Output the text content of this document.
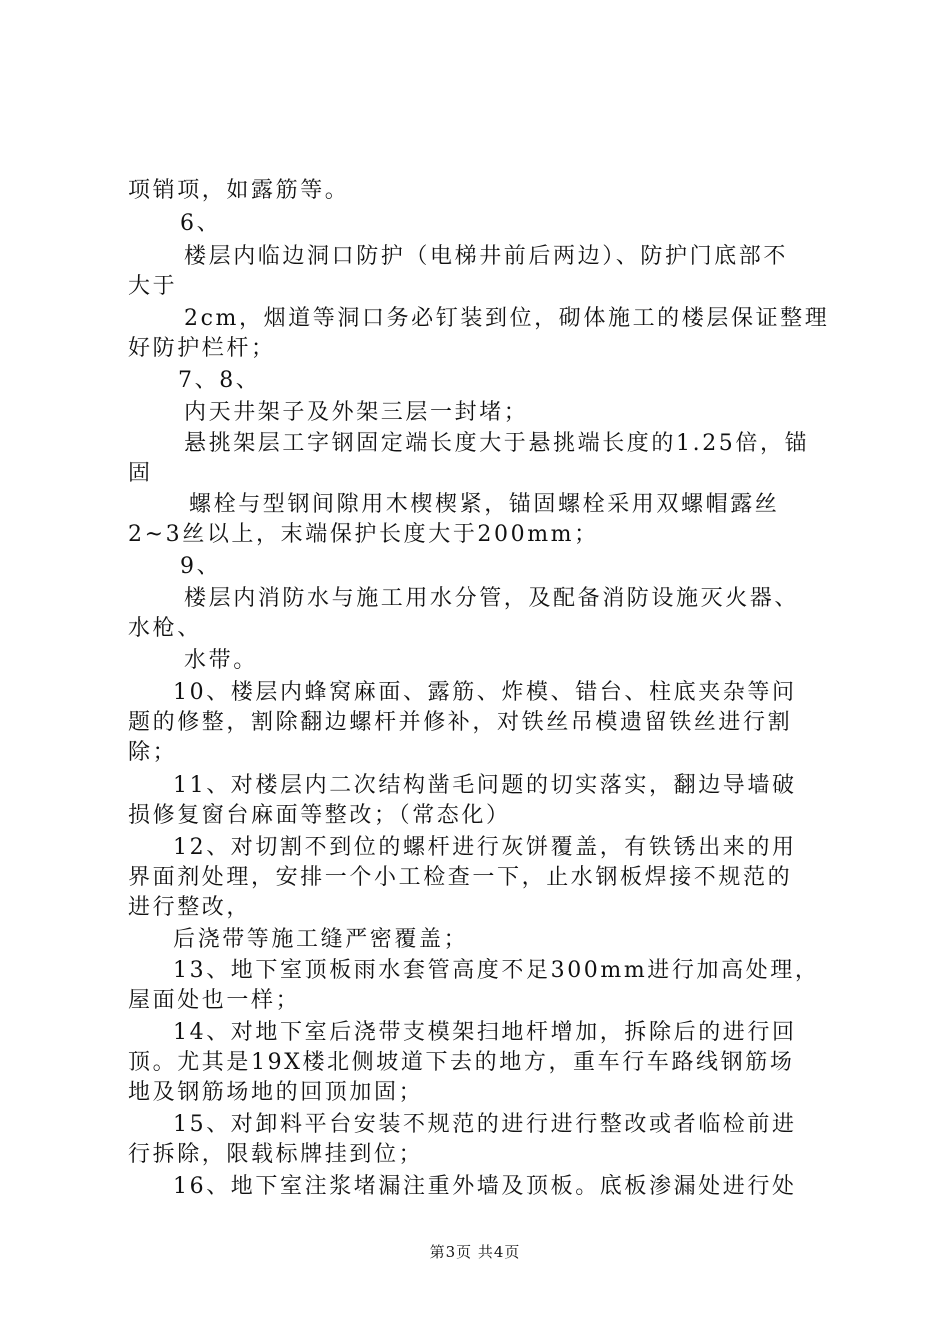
项销项，如露筋等。
6、
楼层内临边洞口防护（电梯井前后两边）、防护门底部不
大于
2cm，烟道等洞口务必钉装到位，砌体施工的楼层保证整理
好防护栏杆；
7、8、
内天井架子及外架三层一封堵；
悬挑架层工字钢固定端长度大于悬挑端长度的1.25倍，锚
固
螺栓与型钢间隙用木楔楔紧，锚固螺栓采用双螺帽露丝
2~3丝以上，末端保护长度大于200mm；
9、
楼层内消防水与施工用水分管，及配备消防设施灭火器、
水枪、
水带。
10、楼层内蜂窝麻面、露筋、炸模、错台、柱底夹杂等问
题的修整，割除翻边螺杆并修补，对铁丝吊模遗留铁丝进行割
除；
11、对楼层内二次结构凿毛问题的切实落实，翻边导墙破
损修复窗台麻面等整改；（常态化）
12、对切割不到位的螺杆进行灰饼覆盖，有铁锈出来的用
界面剂处理，安排一个小工检查一下，止水钢板焊接不规范的
进行整改，
后浇带等施工缝严密覆盖；
13、地下室顶板雨水套管高度不足300mm进行加高处理，
屋面处也一样；
14、对地下室后浇带支模架扫地杆增加，拆除后的进行回
顶。尤其是19X楼北侧坡道下去的地方，重车行车路线钢筋场
地及钢筋场地的回顶加固；
15、对卸料平台安装不规范的进行进行整改或者临检前进
行拆除，限载标牌挂到位；
16、地下室注浆堵漏注重外墙及顶板。底板渗漏处进行处
第3页 共4页
